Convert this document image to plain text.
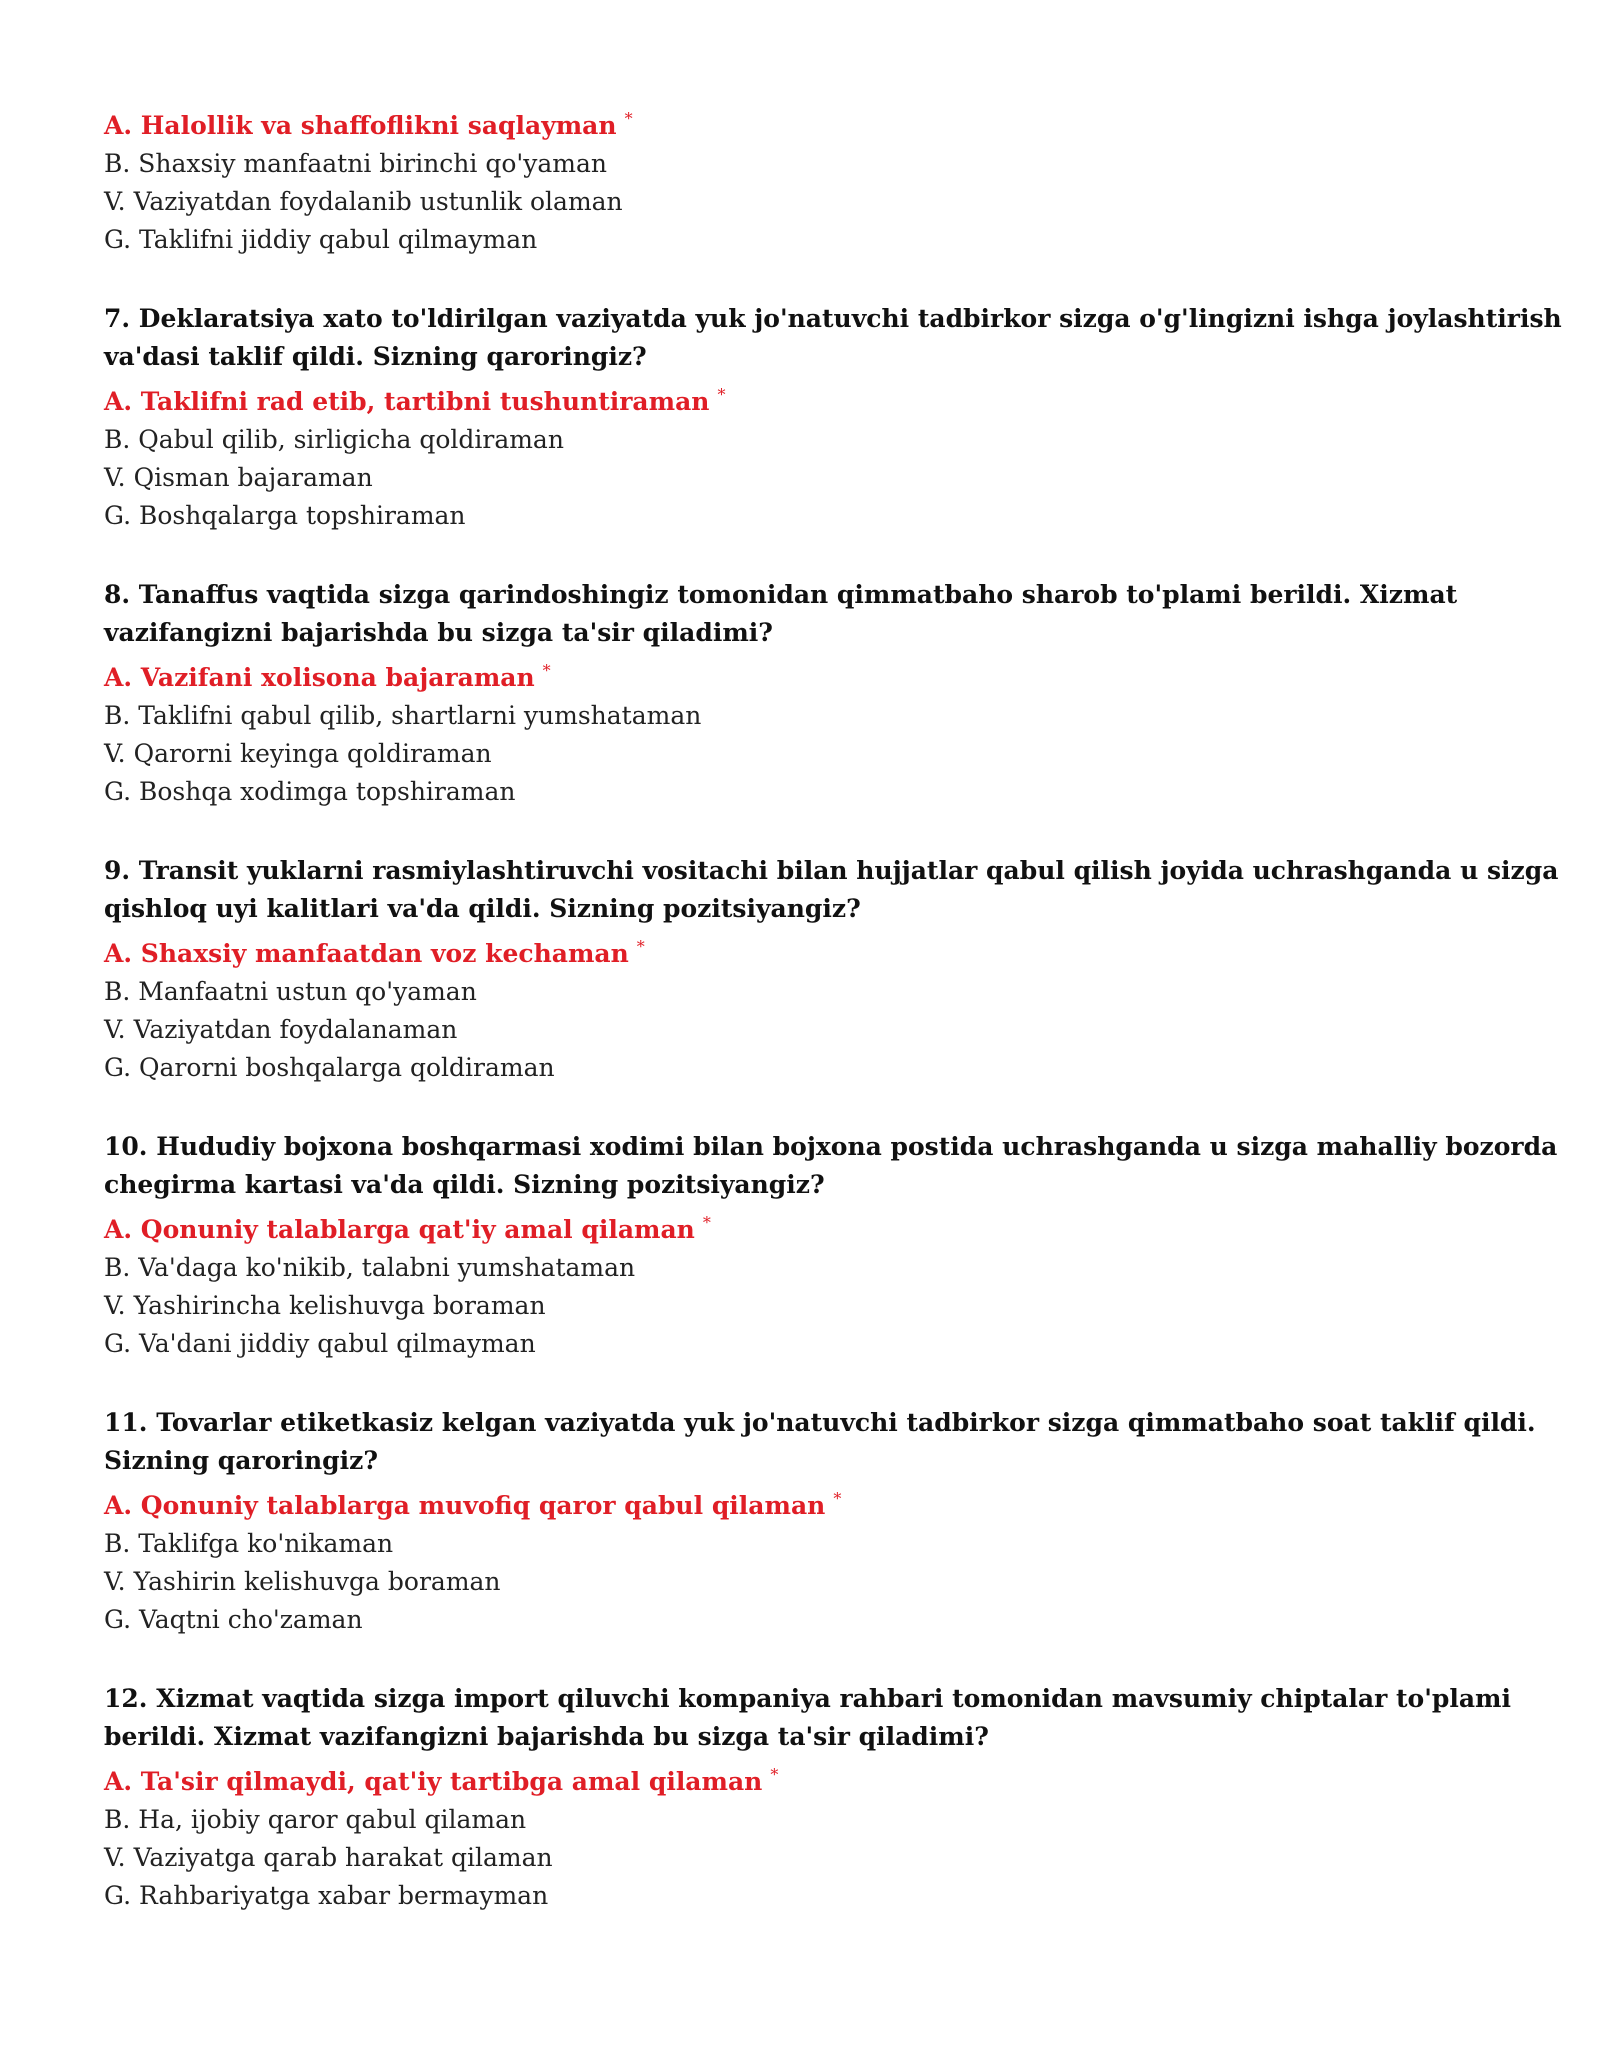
A. Halollik va shaffoflikni saqlayman *
B. Shaxsiy manfaatni birinchi qo'yaman
V. Vaziyatdan foydalanib ustunlik olaman
G. Taklifni jiddiy qabul qilmayman
7. Deklaratsiya xato to'ldirilgan vaziyatda yuk jo'natuvchi tadbirkor sizga o'g'lingizni ishga joylashtirish
va'dasi taklif qildi. Sizning qaroringiz?
A. Taklifni rad etib, tartibni tushuntiraman *
B. Qabul qilib, sirligicha qoldiraman
V. Qisman bajaraman
G. Boshqalarga topshiraman
8. Tanaffus vaqtida sizga qarindoshingiz tomonidan qimmatbaho sharob to'plami berildi. Xizmat
vazifangizni bajarishda bu sizga ta'sir qiladimi?
A. Vazifani xolisona bajaraman *
B. Taklifni qabul qilib, shartlarni yumshataman
V. Qarorni keyinga qoldiraman
G. Boshqa xodimga topshiraman
9. Transit yuklarni rasmiylashtiruvchi vositachi bilan hujjatlar qabul qilish joyida uchrashganda u sizga
qishloq uyi kalitlari va'da qildi. Sizning pozitsiyangiz?
A. Shaxsiy manfaatdan voz kechaman *
B. Manfaatni ustun qo'yaman
V. Vaziyatdan foydalanaman
G. Qarorni boshqalarga qoldiraman
10. Hududiy bojxona boshqarmasi xodimi bilan bojxona postida uchrashganda u sizga mahalliy bozorda
chegirma kartasi va'da qildi. Sizning pozitsiyangiz?
A. Qonuniy talablarga qat'iy amal qilaman *
B. Va'daga ko'nikib, talabni yumshataman
V. Yashirincha kelishuvga boraman
G. Va'dani jiddiy qabul qilmayman
11. Tovarlar etiketkasiz kelgan vaziyatda yuk jo'natuvchi tadbirkor sizga qimmatbaho soat taklif qildi.
Sizning qaroringiz?
A. Qonuniy talablarga muvofiq qaror qabul qilaman *
B. Taklifga ko'nikaman
V. Yashirin kelishuvga boraman
G. Vaqtni cho'zaman
12. Xizmat vaqtida sizga import qiluvchi kompaniya rahbari tomonidan mavsumiy chiptalar to'plami
berildi. Xizmat vazifangizni bajarishda bu sizga ta'sir qiladimi?
A. Ta'sir qilmaydi, qat'iy tartibga amal qilaman *
B. Ha, ijobiy qaror qabul qilaman
V. Vaziyatga qarab harakat qilaman
G. Rahbariyatga xabar bermayman
